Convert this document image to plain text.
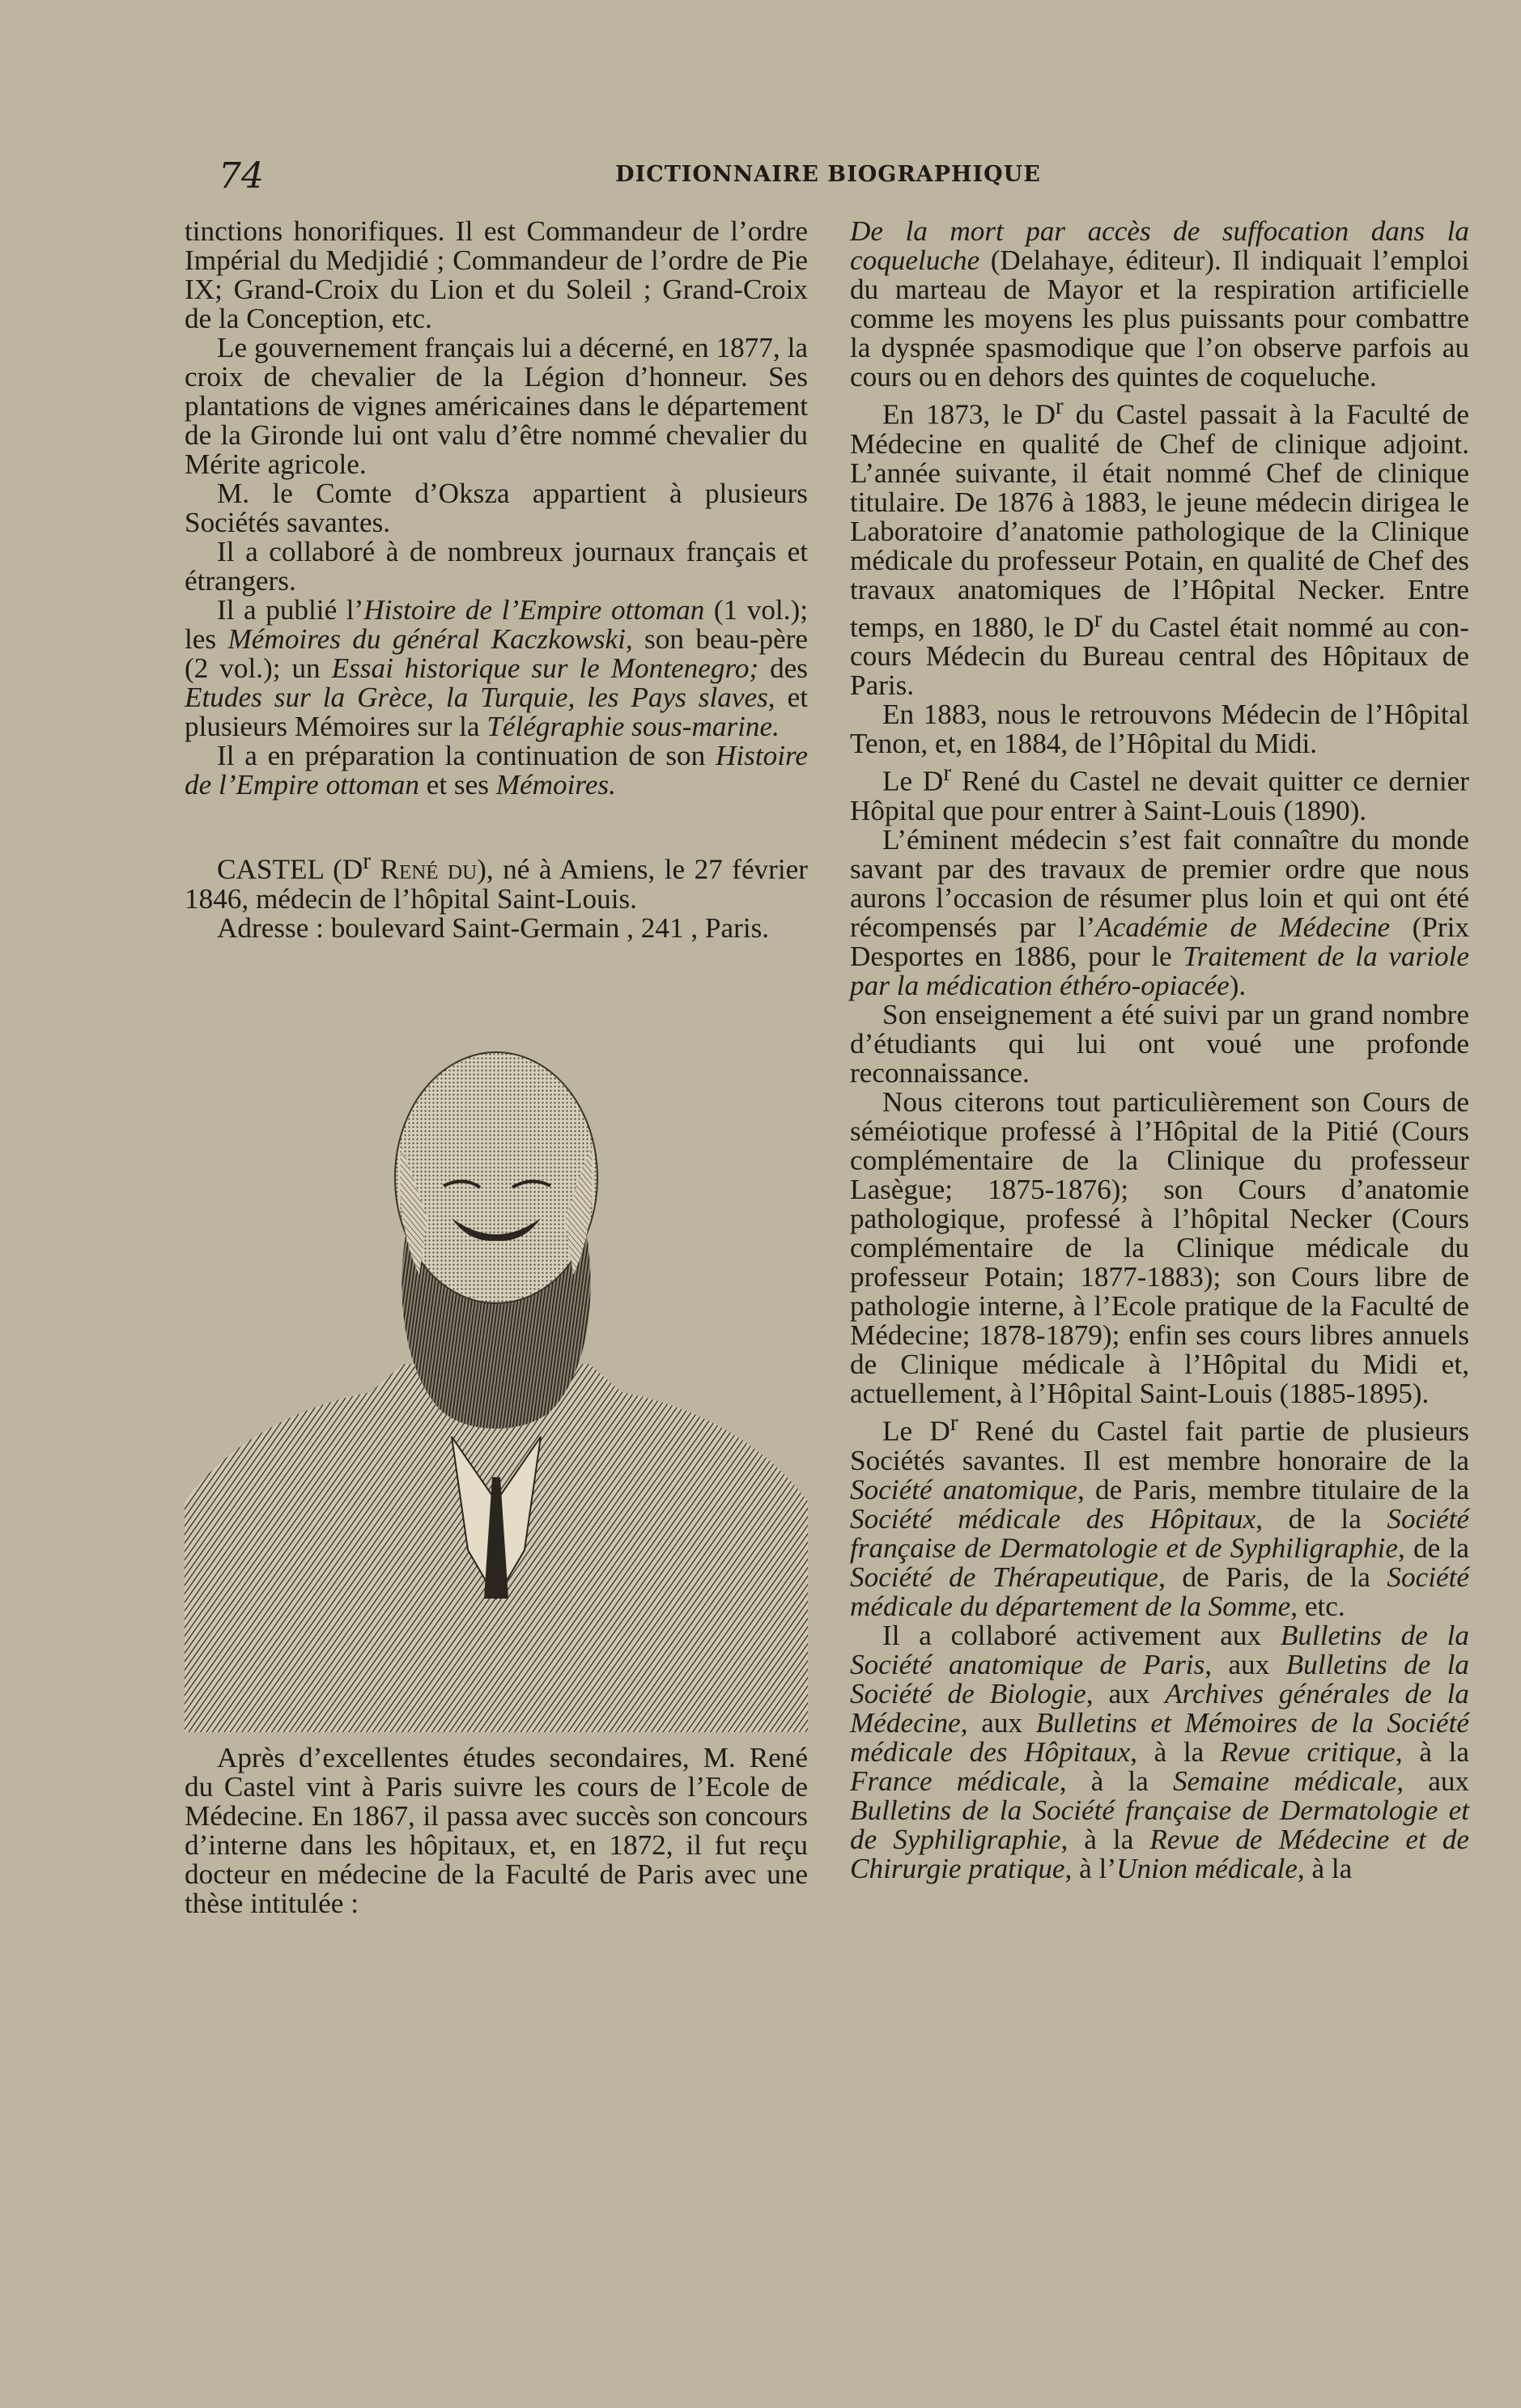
74	DICTIONNAIRE BIOGRAPHIQUE

tinctions honorifiques. Il est Commandeur de l’ordre Impérial du Medjidié ; Commandeur de l’ordre de Pie IX; Grand-Croix du Lion et du Soleil ; Grand-Croix de la Conception, etc.

Le gouvernement français lui a décerné, en 1877, la croix de chevalier de la Légion d’honneur. Ses plantations de vignes américaines dans le département de la Gironde lui ont valu d’être nommé chevalier du Mérite agricole.

M. le Comte d’Oksza appartient à plusieurs Sociétés savantes.

Il a collaboré à de nombreux journaux français et étrangers.

Il a publié l’Histoire de l’Empire ottoman (1 vol.); les Mémoires du général Kaczkowski, son beau-père (2 vol.); un Essai historique sur le Montenegro; des Etudes sur la Grèce, la Turquie, les Pays slaves, et plusieurs Mémoires sur la Télégraphie sous-marine.

Il a en préparation la continuation de son Histoire de l’Empire ottoman et ses Mémoires.

CASTEL ($D^r$ René du), né à Amiens, le 27 février 1846, médecin de l’hôpital Saint-Louis.

Adresse : boulevard Saint-Germain , 241 , Paris.

Après d’excellentes études secondaires, M. René du Castel vint à Paris suivre les cours de l’Ecole de Médecine. En 1867, il passa avec succès son concours d’interne dans les hôpitaux, et, en 1872, il fut reçu docteur en médecine de la Faculté de Paris avec une thèse intitulée :

De la mort par accès de suffocation dans la coqueluche (Delahaye, éditeur). Il indiquait l’emploi du marteau de Mayor et la respiration artificielle comme les moyens les plus puissants pour combattre la dyspnée spasmodique que l’on observe parfois au cours ou en dehors des quintes de coqueluche.

En 1873, le $D^r$ du Castel passait à la Faculté de Médecine en qualité de Chef de clinique adjoint. L’année suivante, il était nommé Chef de clinique titulaire. De 1876 à 1883, le jeune médecin dirigea le Laboratoire d’anatomie pathologique de la Clinique médicale du professeur Potain, en qualité de Chef des travaux anatomiques de l’Hôpital Necker. Entre temps, en 1880, le $D^r$ du Castel était nommé au concours Médecin du Bureau central des Hôpitaux de Paris.

En 1883, nous le retrouvons Médecin de l’Hôpital Tenon, et, en 1884, de l’Hôpital du Midi.

Le $D^r$ René du Castel ne devait quitter ce dernier Hôpital que pour entrer à Saint-Louis (1890).

L’éminent médecin s’est fait connaître du monde savant par des travaux de premier ordre que nous aurons l’occasion de résumer plus loin et qui ont été récompensés par l’Académie de Médecine (Prix Desportes en 1886, pour le Traitement de la variole par la médication éthéro-opiacée).

Son enseignement a été suivi par un grand nombre d’étudiants qui lui ont voué une profonde reconnaissance.

Nous citerons tout particulièrement son Cours de séméiotique professé à l’Hôpital de la Pitié (Cours complémentaire de la Clinique du professeur Lasègue; 1875-1876); son Cours d’anatomie pathologique, professé à l’hôpital Necker (Cours complémentaire de la Clinique médicale du professeur Potain; 1877-1883); son Cours libre de pathologie interne, à l’Ecole pratique de la Faculté de Médecine; 1878-1879); enfin ses cours libres annuels de Clinique médicale à l’Hôpital du Midi et, actuellement, à l’Hôpital Saint-Louis (1885-1895).

Le $D^r$ René du Castel fait partie de plusieurs Sociétés savantes. Il est membre honoraire de la Société anatomique, de Paris, membre titulaire de la Société médicale des Hôpitaux, de la Société française de Dermatologie et de Syphiligraphie, de la Société de Thérapeutique, de Paris, de la Société médicale du département de la Somme, etc.

Il a collaboré activement aux Bulletins de la Société anatomique de Paris, aux Bulletins de la Société de Biologie, aux Archives générales de la Médecine, aux Bulletins et Mémoires de la Société médicale des Hôpitaux, à la Revue critique, à la France médicale, à la Semaine médicale, aux Bulletins de la Société française de Dermatologie et de Syphiligraphie, à la Revue de Médecine et de Chirurgie pratique, à l’Union médicale, à la
